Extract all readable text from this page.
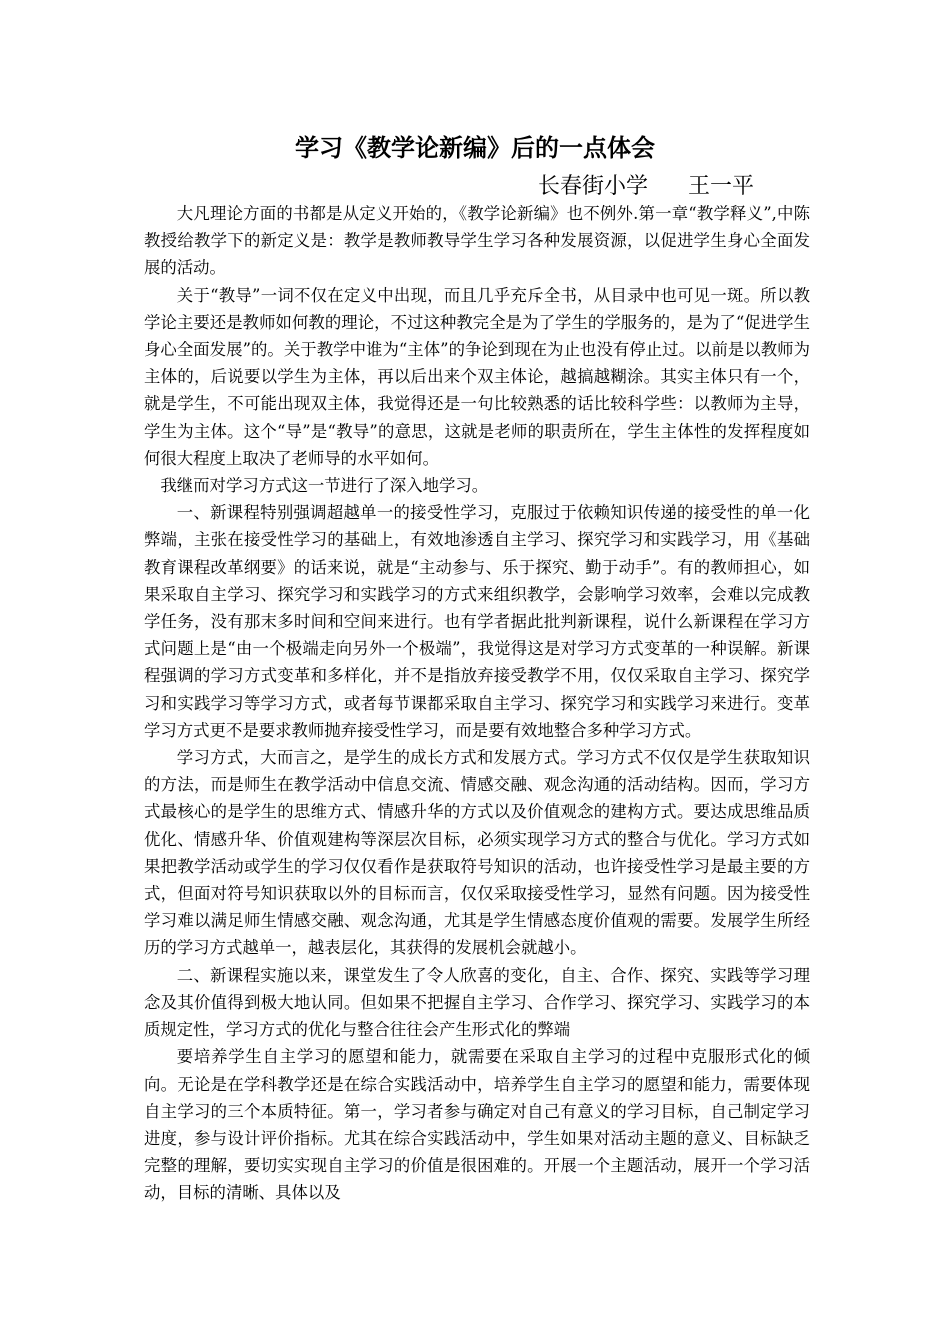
学习《教学论新编》后的一点体会
长春街小学 王一平

大凡理论方面的书都是从定义开始的，《教学论新编》也不例外.第一章“教学释义”,中陈教授给教学下的新定义是：教学是教师教导学生学习各种发展资源，以促进学生身心全面发展的活动。

关于“教导”一词不仅在定义中出现，而且几乎充斥全书，从目录中也可见一斑。所以教学论主要还是教师如何教的理论，不过这种教完全是为了学生的学服务的，是为了“促进学生身心全面发展”的。关于教学中谁为“主体”的争论到现在为止也没有停止过。以前是以教师为主体的，后说要以学生为主体，再以后出来个双主体论，越搞越糊涂。其实主体只有一个，就是学生，不可能出现双主体，我觉得还是一句比较熟悉的话比较科学些：以教师为主导，学生为主体。这个“导”是“教导”的意思，这就是老师的职责所在，学生主体性的发挥程度如何很大程度上取决了老师导的水平如何。

我继而对学习方式这一节进行了深入地学习。

一、新课程特别强调超越单一的接受性学习，克服过于依赖知识传递的接受性的单一化弊端，主张在接受性学习的基础上，有效地渗透自主学习、探究学习和实践学习，用《基础教育课程改革纲要》的话来说，就是“主动参与、乐于探究、勤于动手”。有的教师担心，如果采取自主学习、探究学习和实践学习的方式来组织教学，会影响学习效率，会难以完成教学任务，没有那末多时间和空间来进行。也有学者据此批判新课程，说什么新课程在学习方式问题上是“由一个极端走向另外一个极端”，我觉得这是对学习方式变革的一种误解。新课程强调的学习方式变革和多样化，并不是指放弃接受教学不用，仅仅采取自主学习、探究学习和实践学习等学习方式，或者每节课都采取自主学习、探究学习和实践学习来进行。变革学习方式更不是要求教师抛弃接受性学习，而是要有效地整合多种学习方式。

学习方式，大而言之，是学生的成长方式和发展方式。学习方式不仅仅是学生获取知识的方法，而是师生在教学活动中信息交流、情感交融、观念沟通的活动结构。因而，学习方式最核心的是学生的思维方式、情感升华的方式以及价值观念的建构方式。要达成思维品质优化、情感升华、价值观建构等深层次目标，必须实现学习方式的整合与优化。学习方式如果把教学活动或学生的学习仅仅看作是获取符号知识的活动，也许接受性学习是最主要的方式，但面对符号知识获取以外的目标而言，仅仅采取接受性学习，显然有问题。因为接受性学习难以满足师生情感交融、观念沟通，尤其是学生情感态度价值观的需要。发展学生所经历的学习方式越单一，越表层化，其获得的发展机会就越小。

二、新课程实施以来，课堂发生了令人欣喜的变化，自主、合作、探究、实践等学习理念及其价值得到极大地认同。但如果不把握自主学习、合作学习、探究学习、实践学习的本质规定性，学习方式的优化与整合往往会产生形式化的弊端

要培养学生自主学习的愿望和能力，就需要在采取自主学习的过程中克服形式化的倾向。无论是在学科教学还是在综合实践活动中，培养学生自主学习的愿望和能力，需要体现自主学习的三个本质特征。第一，学习者参与确定对自己有意义的学习目标，自己制定学习进度，参与设计评价指标。尤其在综合实践活动中，学生如果对活动主题的意义、目标缺乏完整的理解，要切实实现自主学习的价值是很困难的。开展一个主题活动，展开一个学习活动，目标的清晰、具体以及
